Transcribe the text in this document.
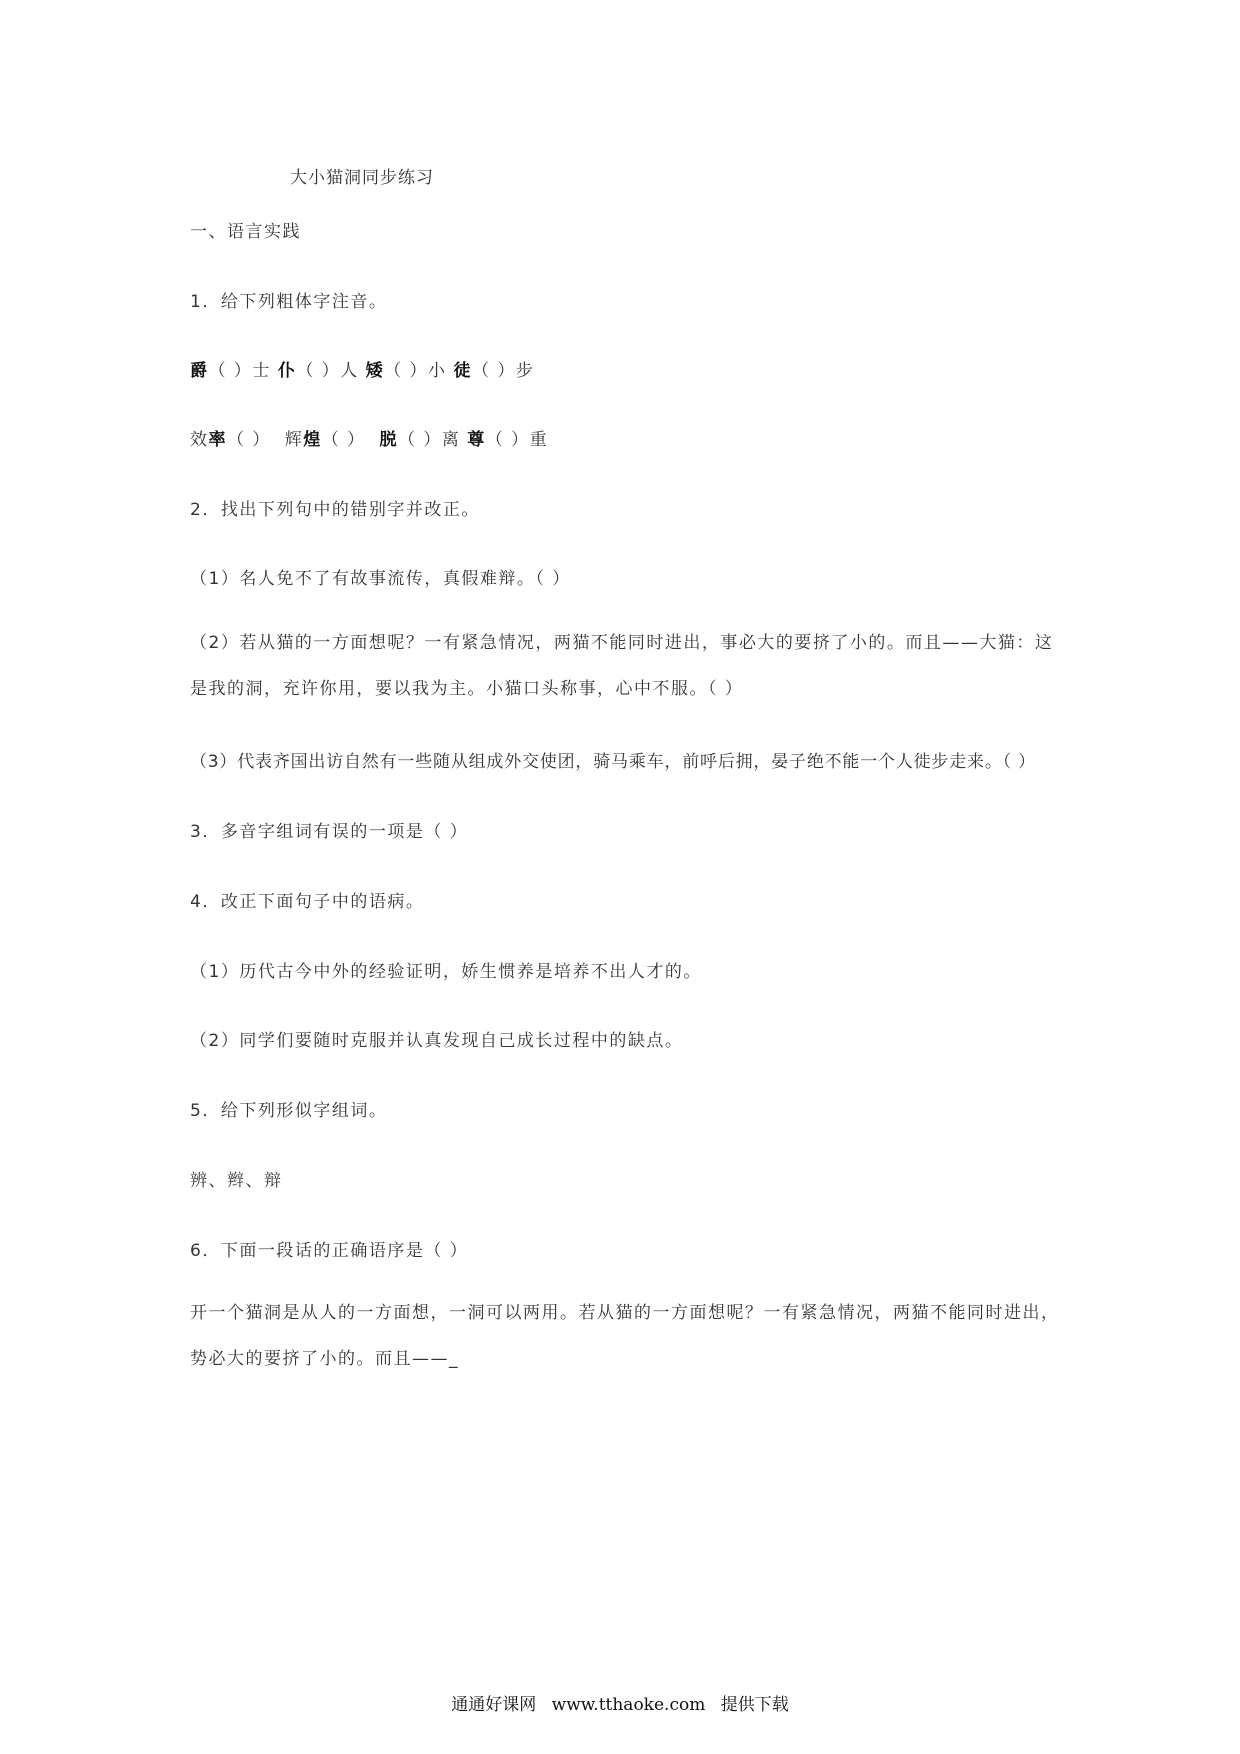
大小猫洞同步练习
一、语言实践
1．给下列粗体字注音。
爵（ ）士 仆（ ）人 矮（ ）小 徒（ ）步
效率（ ） 辉煌（ ） 脱（ ）离 尊（ ）重
2．找出下列句中的错别字并改正。
（1）名人免不了有故事流传，真假难辩。（ ）
（2）若从猫的一方面想呢？一有紧急情况，两猫不能同时进出，事必大的要挤了小的。而且——大猫：这是我的洞，充许你用，要以我为主。小猫口头称事，心中不服。（ ）
（3）代表齐国出访自然有一些随从组成外交使团，骑马乘车，前呼后拥，晏子绝不能一个人徙步走来。（ ）
3．多音字组词有误的一项是（ ）
4．改正下面句子中的语病。
（1）历代古今中外的经验证明，娇生惯养是培养不出人才的。
（2）同学们要随时克服并认真发现自己成长过程中的缺点。
5．给下列形似字组词。
辨、辫、辩
6．下面一段话的正确语序是（ ）
开一个猫洞是从人的一方面想，一洞可以两用。若从猫的一方面想呢？一有紧急情况，两猫不能同时进出，势必大的要挤了小的。而且——_
通通好课网 www.tthaoke.com 提供下载
